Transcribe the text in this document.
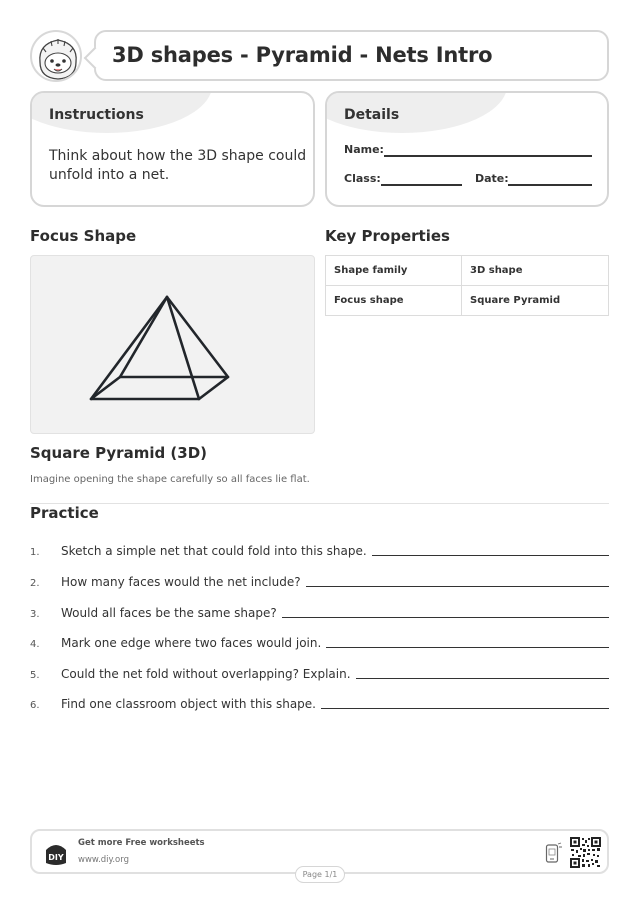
3D shapes - Pyramid - Nets Intro
Instructions
Think about how the 3D shape could unfold into a net.
Details
Name:
Class:	Date:
Focus Shape	Key Properties
Shape family	3D shape
Focus shape	Square Pyramid
Square Pyramid (3D)
Imagine opening the shape carefully so all faces lie flat.
Practice
1.	Sketch a simple net that could fold into this shape.
2.	How many faces would the net include?
3.	Would all faces be the same shape?
4.	Mark one edge where two faces would join.
5.	Could the net fold without overlapping? Explain.
6.	Find one classroom object with this shape.
DIY
Get more Free worksheets
www.diy.org
Page 1/1
